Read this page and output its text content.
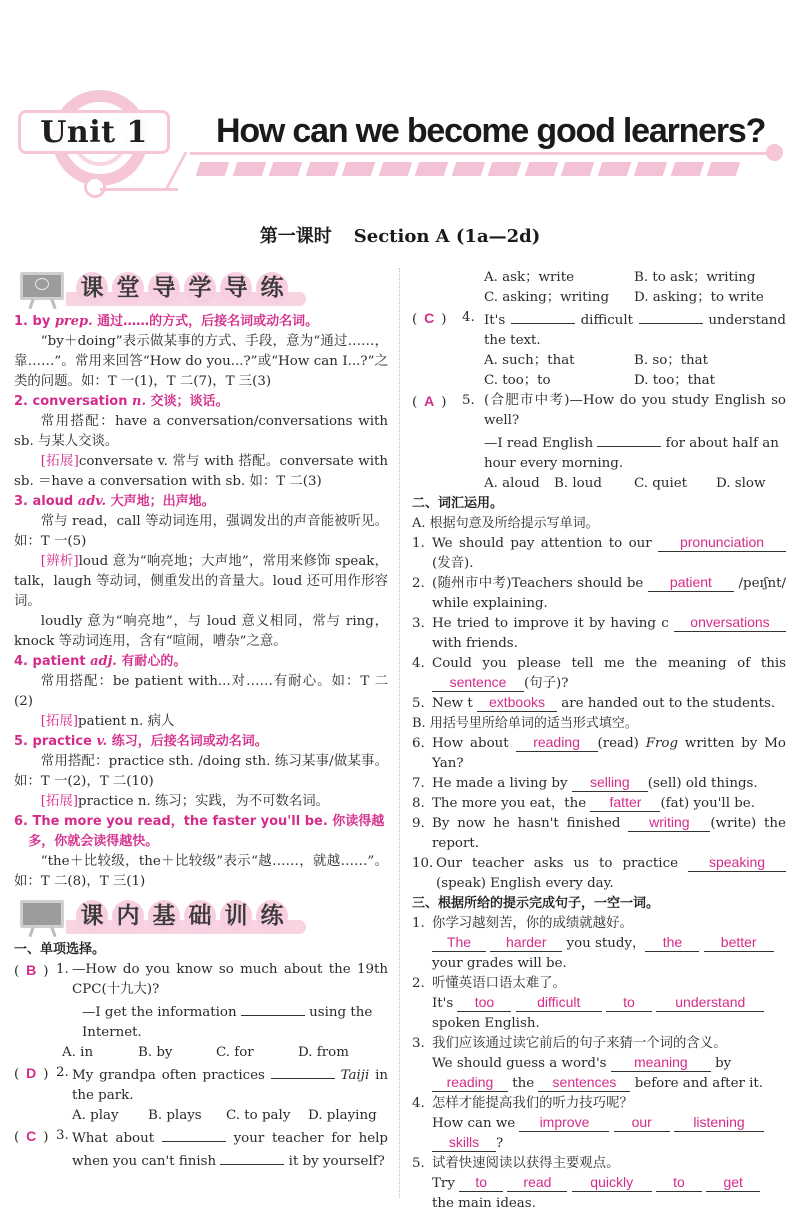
Unit 1 How can we become good learners?
第一课时 Section A (1a—2d)
课 堂 导 学 导 练
1. by prep. 通过……的方式，后接名词或动名词。
“by＋doing”表示做某事的方式、手段，意为“通过……，靠……”。常用来回答“How do you...?”或“How can I...?”之类的问题。如：T 一(1)，T 二(7)，T 三(3)
2. conversation n. 交谈；谈话。
常用搭配：have a conversation/conversations with sb. 与某人交谈。
[拓展]conversate v. 常与 with 搭配。conversate with sb. ＝have a conversation with sb. 如：T 二(3)
3. aloud adv. 大声地；出声地。
常与 read，call 等动词连用，强调发出的声音能被听见。如：T 一(5)
[辨析]loud 意为“响亮地；大声地”，常用来修饰 speak，talk，laugh 等动词，侧重发出的音量大。loud 还可用作形容词。
loudly 意为“响亮地”，与 loud 意义相同，常与 ring，knock 等动词连用，含有“喧闹，嘈杂”之意。
4. patient adj. 有耐心的。
常用搭配：be patient with...对……有耐心。如：T 二(2)
[拓展]patient n. 病人
5. practice v. 练习，后接名词或动名词。
常用搭配：practice sth. /doing sth. 练习某事/做某事。如：T 一(2)，T 二(10)
[拓展]practice n. 练习；实践，为不可数名词。
6. The more you read，the faster you'll be. 你读得越多，你就会读得越快。
“the＋比较级，the＋比较级”表示“越……，就越……”。如：T 二(8)，T 三(1)
课 内 基 础 训 练
一、单项选择。
( B ) 1. —How do you know so much about the 19th CPC(十九大)?
—I get the information	using the Internet.
A. in	B. by	C. for	D. from
( D ) 2. My grandpa often practices	Taiji in the park.
A. play	B. plays	C. to paly	D. playing
( C ) 3. What about	your teacher for help when you can't finish	it by yourself?
A. ask；write	B. to ask；writing
C. asking；writing	D. asking；to write
( C ) 4. It's	difficult	understand the text.
A. such；that	B. so；that
C. too；to	D. too；that
( A ) 5. (合肥市中考)—How do you study English so well?
—I read English	for about half an hour every morning.
A. aloud	B. loud	C. quiet	D. slow
二、词汇运用。
A. 根据句意及所给提示写单词。
1. We should pay attention to our pronunciation (发音).
2. (随州市中考)Teachers should be patient /peɪʃnt/ while explaining.
3. He tried to improve it by having c onversations with friends.
4. Could you please tell me the meaning of this sentence (句子)?
5. New t extbooks are handed out to the students.
B. 用括号里所给单词的适当形式填空。
6. How about reading (read) Frog written by Mo Yan?
7. He made a living by selling (sell) old things.
8. The more you eat，the fatter (fat) you'll be.
9. By now he hasn't finished writing (write) the report.
10. Our teacher asks us to practice speaking (speak) English every day.
三、根据所给的提示完成句子，一空一词。
1. 你学习越刻苦，你的成绩就越好。
The harder you study， the	better
your grades will be.
2. 听懂英语口语太难了。
It's too	difficult	to	understand
spoken English.
3. 我们应该通过读它前后的句子来猜一个词的含义。
We should guess a word's meaning by
reading the sentences before and after it.
4. 怎样才能提高我们的听力技巧呢？
How can we improve	our	listening
skills ?
5. 试着快速阅读以获得主要观点。
Try to	read	quickly	to	get
the main ideas.
